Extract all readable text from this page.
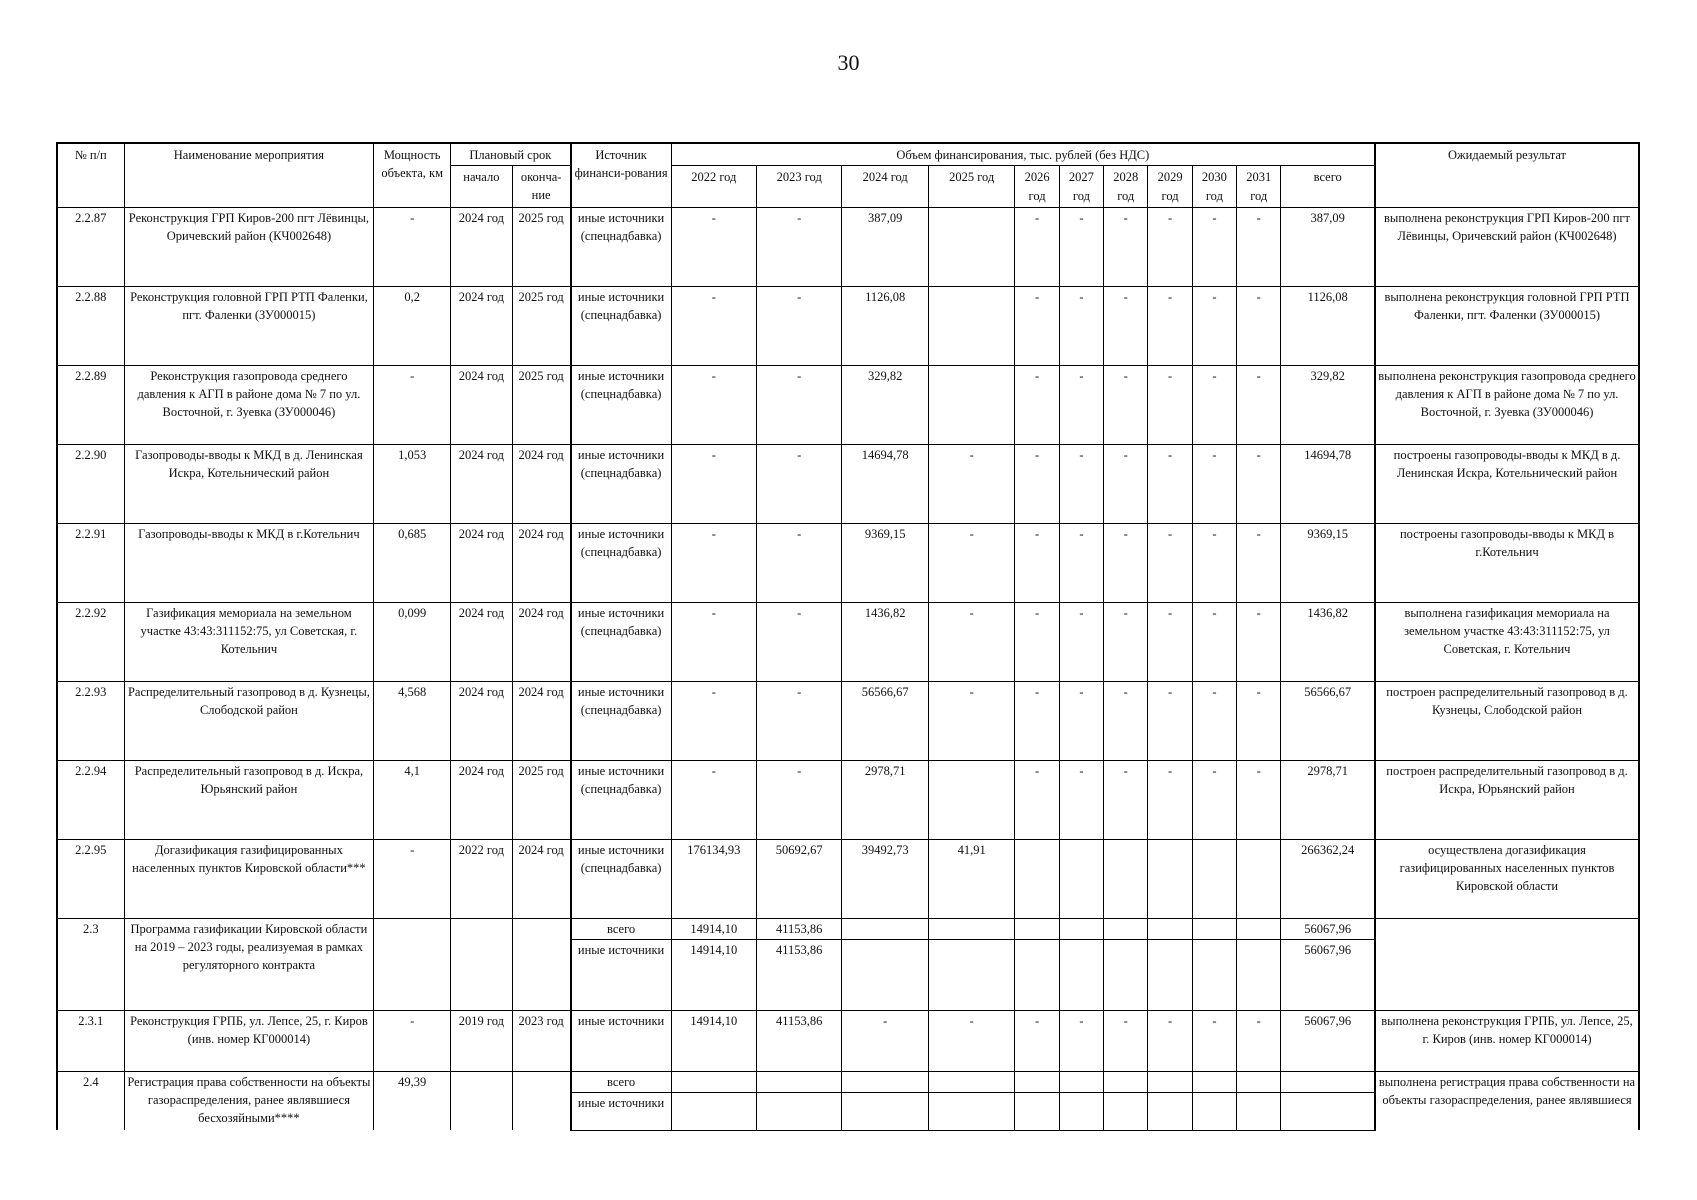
30
№ п/п	Наименование мероприятия	Мощность объекта, км	Плановый срок		Источник финанси-рования	Объем финансирования, тыс. рублей (без НДС)											Ожидаемый результат
			начало	оконча-ние		2022 год	2023 год	2024 год	2025 год	2026 год	2027 год	2028 год	2029 год	2030 год	2031 год	всего	
2.2.87	Реконструкция ГРП Киров-200 пгт Лёвинцы, Оричевский район (КЧ002648)	-	2024 год	2025 год	иные источники (спецнадбавка)	-	-	387,09		-	-	-	-	-	-	387,09	выполнена реконструкция ГРП Киров-200 пгт Лёвинцы, Оричевский район (КЧ002648)
2.2.88	Реконструкция головной ГРП РТП Фаленки, пгт. Фаленки (ЗУ000015)	0,2	2024 год	2025 год	иные источники (спецнадбавка)	-	-	1126,08		-	-	-	-	-	-	1126,08	выполнена реконструкция головной ГРП РТП Фаленки, пгт. Фаленки (ЗУ000015)
2.2.89	Реконструкция газопровода среднего давления к АГП в районе дома № 7 по ул. Восточной, г. Зуевка (ЗУ000046)	-	2024 год	2025 год	иные источники (спецнадбавка)	-	-	329,82		-	-	-	-	-	-	329,82	выполнена реконструкция газопровода среднего давления к АГП в районе дома № 7 по ул. Восточной, г. Зуевка (ЗУ000046)
2.2.90	Газопроводы-вводы к МКД в д. Ленинская Искра, Котельнический район	1,053	2024 год	2024 год	иные источники (спецнадбавка)	-	-	14694,78	-	-	-	-	-	-	-	14694,78	построены газопроводы-вводы к МКД в д. Ленинская Искра, Котельнический район
2.2.91	Газопроводы-вводы к МКД в г.Котельнич	0,685	2024 год	2024 год	иные источники (спецнадбавка)	-	-	9369,15	-	-	-	-	-	-	-	9369,15	построены газопроводы-вводы к МКД в г.Котельнич
2.2.92	Газификация мемориала на земельном участке 43:43:311152:75, ул Советская, г. Котельнич	0,099	2024 год	2024 год	иные источники (спецнадбавка)	-	-	1436,82	-	-	-	-	-	-	-	1436,82	выполнена газификация мемориала на земельном участке 43:43:311152:75, ул Советская, г. Котельнич
2.2.93	Распределительный газопровод в д. Кузнецы, Слободской район	4,568	2024 год	2024 год	иные источники (спецнадбавка)	-	-	56566,67	-	-	-	-	-	-	-	56566,67	построен распределительный газопровод в д. Кузнецы, Слободской район
2.2.94	Распределительный газопровод в д. Искра, Юрьянский район	4,1	2024 год	2025 год	иные источники (спецнадбавка)	-	-	2978,71		-	-	-	-	-	-	2978,71	построен распределительный газопровод в д. Искра, Юрьянский район
2.2.95	Догазификация газифицированных населенных пунктов Кировской области***	-	2022 год	2024 год	иные источники (спецнадбавка)	176134,93	50692,67	39492,73	41,91							266362,24	осуществлена догазификация газифицированных населенных пунктов Кировской области
2.3	Программа газификации Кировской области на 2019 – 2023 годы, реализуемая в рамках регуляторного контракта				всего	14914,10	41153,86									56067,96	
					иные источники	14914,10	41153,86									56067,96	
2.3.1	Реконструкция ГРПБ, ул. Лепсе, 25, г. Киров (инв. номер КГ000014)	-	2019 год	2023 год	иные источники	14914,10	41153,86	-	-	-	-	-	-	-	-	56067,96	выполнена реконструкция ГРПБ, ул. Лепсе, 25, г. Киров (инв. номер КГ000014)
2.4	Регистрация права собственности на объекты газораспределения, ранее являвшиеся бесхозяйными****	49,39			всего												выполнена регистрация права собственности на объекты газораспределения, ранее являвшиеся
					иные источники												
